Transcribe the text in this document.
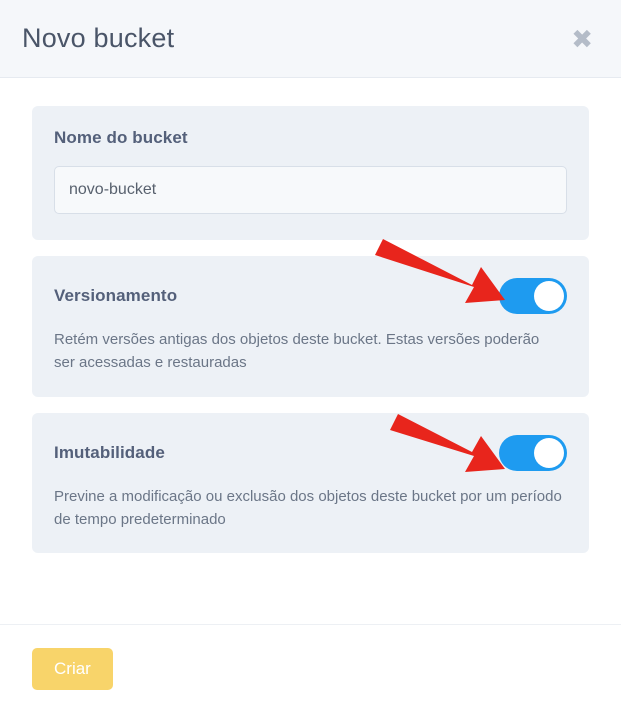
Novo bucket	✖
Nome do bucket
novo-bucket
Versionamento

Retém versões antigas dos objetos deste bucket. Estas versões poderão ser acessadas e restauradas

Imutabilidade

Previne a modificação ou exclusão dos objetos deste bucket por um período de tempo predeterminado

Criar
